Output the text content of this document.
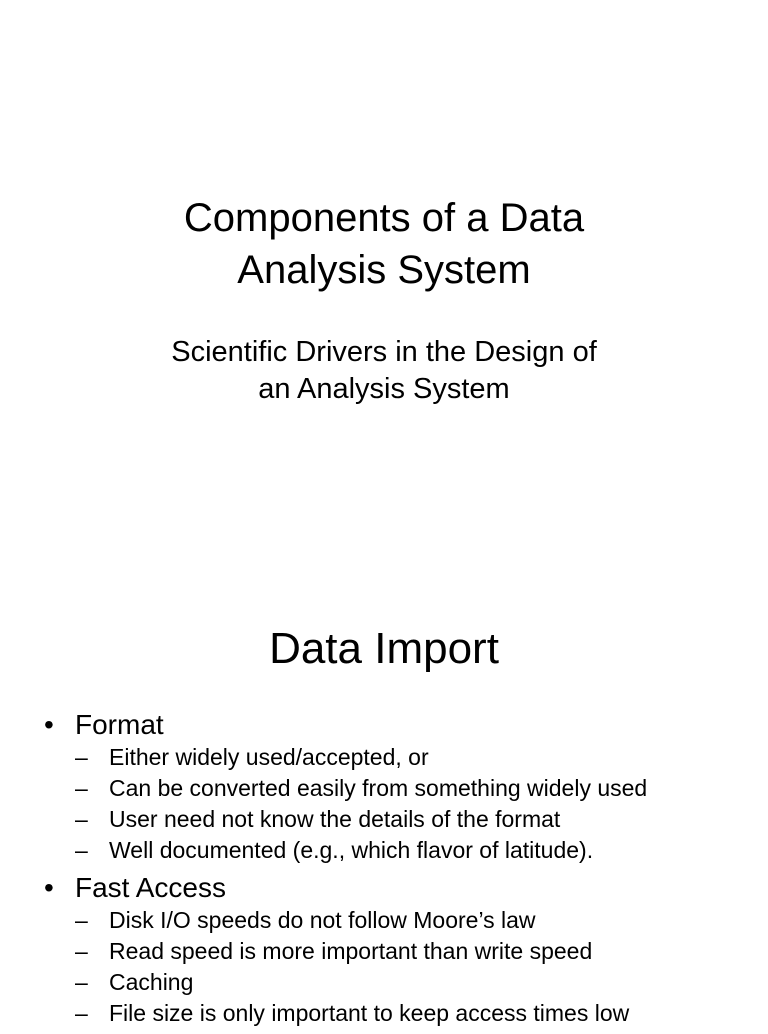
Components of a Data
Analysis System
Scientific Drivers in the Design of
an Analysis System
Data Import
• Format
– Either widely used/accepted, or
– Can be converted easily from something widely used
– User need not know the details of the format
– Well documented (e.g., which flavor of latitude).
• Fast Access
– Disk I/O speeds do not follow Moore’s law
– Read speed is more important than write speed
– Caching
– File size is only important to keep access times low
